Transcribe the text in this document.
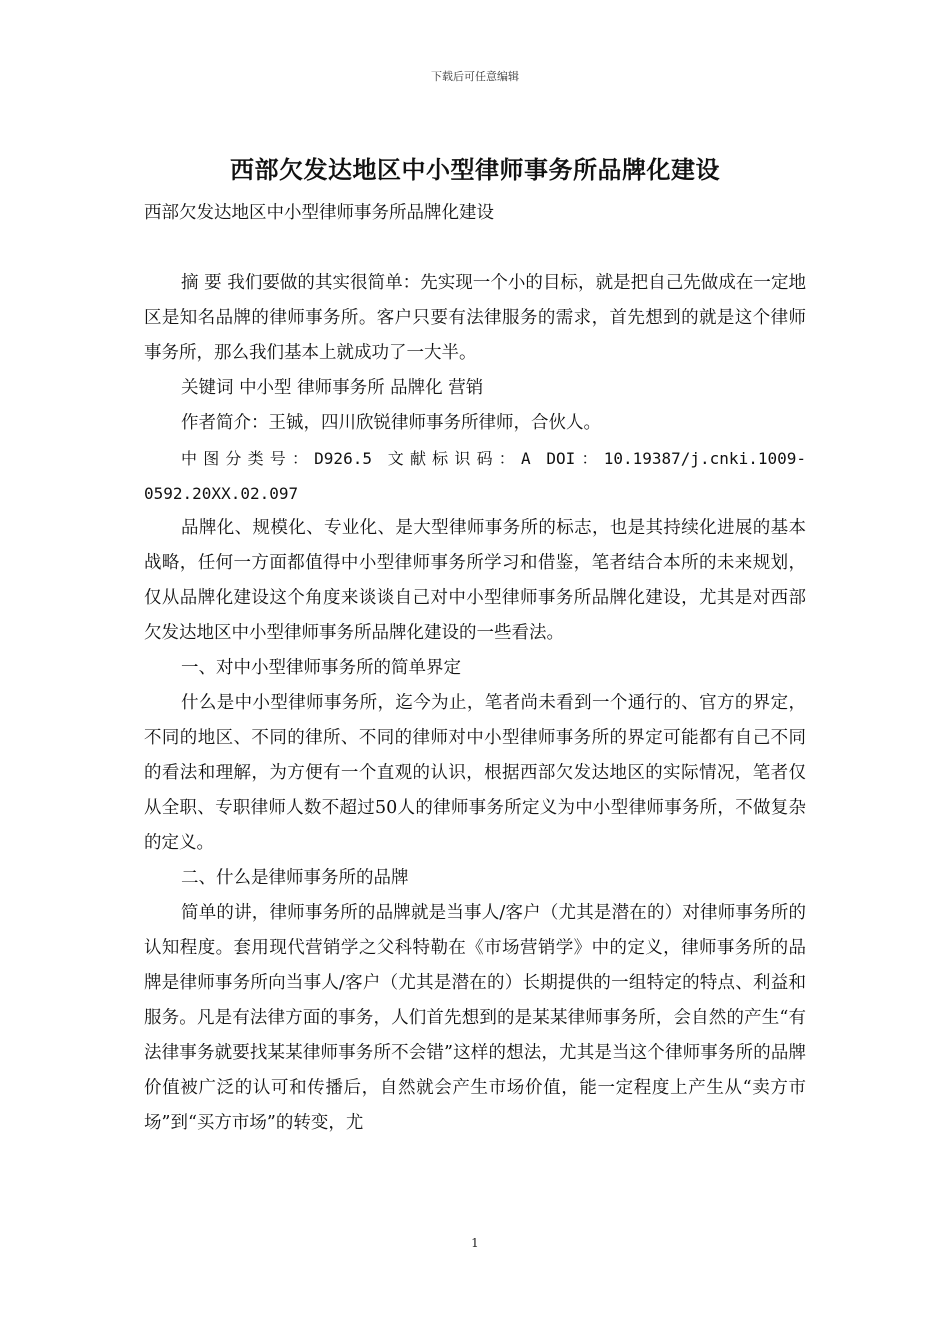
下载后可任意编辑
西部欠发达地区中小型律师事务所品牌化建设

西部欠发达地区中小型律师事务所品牌化建设

摘 要 我们要做的其实很简单：先实现一个小的目标，就是把自己先做成在一定地区是知名品牌的律师事务所。客户只要有法律服务的需求，首先想到的就是这个律师事务所，那么我们基本上就成功了一大半。

关键词 中小型 律师事务所 品牌化 营销

作者简介：王铖，四川欣锐律师事务所律师，合伙人。

中图分类号：D926.5 文献标识码：A DOI：10.19387/j.cnki.1009-0592.20XX.02.097

品牌化、规模化、专业化、是大型律师事务所的标志，也是其持续化进展的基本战略，任何一方面都值得中小型律师事务所学习和借鉴，笔者结合本所的未来规划，仅从品牌化建设这个角度来谈谈自己对中小型律师事务所品牌化建设，尤其是对西部欠发达地区中小型律师事务所品牌化建设的一些看法。

一、对中小型律师事务所的简单界定

什么是中小型律师事务所，迄今为止，笔者尚未看到一个通行的、官方的界定，不同的地区、不同的律所、不同的律师对中小型律师事务所的界定可能都有自己不同的看法和理解，为方便有一个直观的认识，根据西部欠发达地区的实际情况，笔者仅从全职、专职律师人数不超过50人的律师事务所定义为中小型律师事务所，不做复杂的定义。

二、什么是律师事务所的品牌

简单的讲，律师事务所的品牌就是当事人/客户（尤其是潜在的）对律师事务所的认知程度。套用现代营销学之父科特勒在《市场营销学》中的定义，律师事务所的品牌是律师事务所向当事人/客户（尤其是潜在的）长期提供的一组特定的特点、利益和服务。凡是有法律方面的事务，人们首先想到的是某某律师事务所，会自然的产生“有法律事务就要找某某律师事务所不会错”这样的想法，尤其是当这个律师事务所的品牌价值被广泛的认可和传播后，自然就会产生市场价值，能一定程度上产生从“卖方市场”到“买方市场”的转变，尤

1
